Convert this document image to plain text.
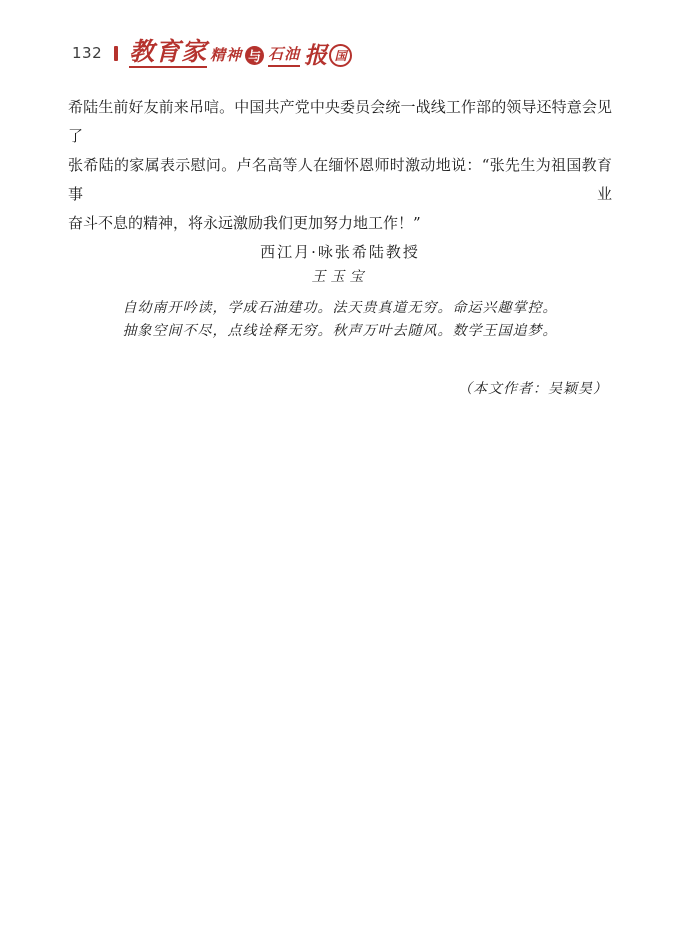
132 教育家 精神 与 石油 报 国
希陆生前好友前来吊唁。中国共产党中央委员会统一战线工作部的领导还特意会见了
张希陆的家属表示慰问。卢名高等人在缅怀恩师时激动地说：“张先生为祖国教育事业
奋斗不息的精神，将永远激励我们更加努力地工作！”
西江月·咏张希陆教授
王玉宝
自幼南开吟读，学成石油建功。法天贵真道无穷。命运兴趣掌控。
抽象空间不尽，点线诠释无穷。秋声万叶去随风。数学王国追梦。
（本文作者：吴颖昊）
